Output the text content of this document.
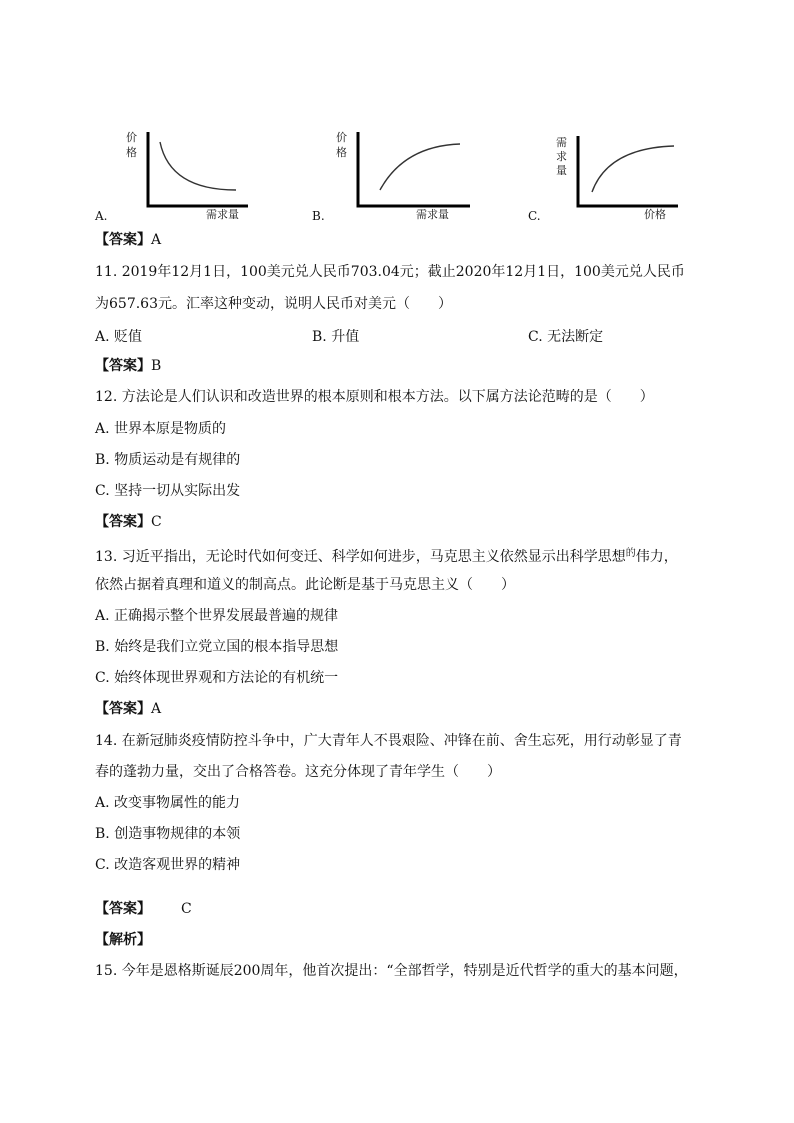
价
格
需求量
A.
价
格
需求量
B.
需
求
量
价格
C.
【答案】A
11. 2019年12月1日，100美元兑人民币703.04元；截止2020年12月1日，100美元兑人民币
为657.63元。汇率这种变动，说明人民币对美元（　　）
A. 贬值	B. 升值	C. 无法断定
【答案】B
12. 方法论是人们认识和改造世界的根本原则和根本方法。以下属方法论范畴的是（　　）
A. 世界本原是物质的
B. 物质运动是有规律的
C. 坚持一切从实际出发
【答案】C
13. 习近平指出，无论时代如何变迁、科学如何进步，马克思主义依然显示出科学思想$^的$伟力，
依然占据着真理和道义的制高点。此论断是基于马克思主义（　　）
A. 正确揭示整个世界发展最普遍的规律
B. 始终是我们立党立国的根本指导思想
C. 始终体现世界观和方法论的有机统一
【答案】A
14. 在新冠肺炎疫情防控斗争中，广大青年人不畏艰险、冲锋在前、舍生忘死，用行动彰显了青
春的蓬勃力量，交出了合格答卷。这充分体现了青年学生（　　）
A. 改变事物属性的能力
B. 创造事物规律的本领
C. 改造客观世界的精神
【答案】 C
【解析】
15. 今年是恩格斯诞辰200周年，他首次提出：“全部哲学，特别是近代哲学的重大的基本问题，
